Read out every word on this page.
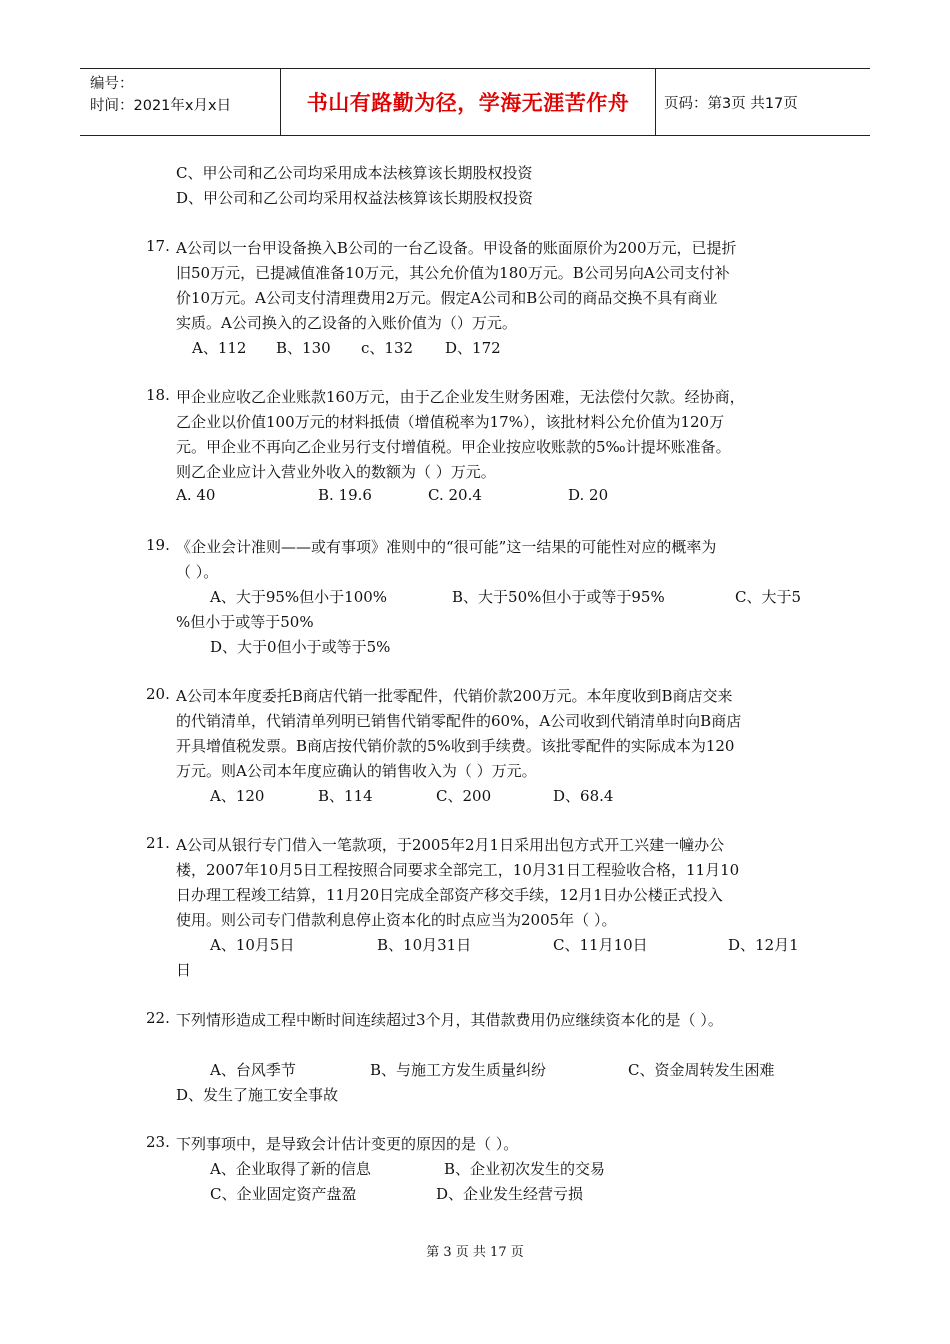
编号：
时间：2021年x月x日	书山有路勤为径，学海无涯苦作舟	页码：第3页 共17页
C、甲公司和乙公司均采用成本法核算该长期股权投资
D、甲公司和乙公司均采用权益法核算该长期股权投资
17. A公司以一台甲设备换入B公司的一台乙设备。甲设备的账面原价为200万元，已提折
旧50万元，已提减值准备10万元，其公允价值为180万元。B公司另向A公司支付补
价10万元。A公司支付清理费用2万元。假定A公司和B公司的商品交换不具有商业
实质。A公司换入的乙设备的入账价值为（）万元。
A、112 B、130 c、132 D、172
18. 甲企业应收乙企业账款160万元，由于乙企业发生财务困难，无法偿付欠款。经协商，
乙企业以价值100万元的材料抵债（增值税率为17%），该批材料公允价值为120万
元。甲企业不再向乙企业另行支付增值税。甲企业按应收账款的5‰计提坏账准备。
则乙企业应计入营业外收入的数额为（ ）万元。
A. 40	B. 19.6	C. 20.4	D. 20
19. 《企业会计准则——或有事项》准则中的“很可能”这一结果的可能性对应的概率为
（ ）。
A、大于95%但小于100%	B、大于50%但小于或等于95%	C、大于5
%但小于或等于50%
D、大于0但小于或等于5%
20. A公司本年度委托B商店代销一批零配件，代销价款200万元。本年度收到B商店交来
的代销清单，代销清单列明已销售代销零配件的60%，A公司收到代销清单时向B商店
开具增值税发票。B商店按代销价款的5%收到手续费。该批零配件的实际成本为120
万元。则A公司本年度应确认的销售收入为（ ）万元。
A、120	B、114	C、200	D、68.4
21. A公司从银行专门借入一笔款项，于2005年2月1日采用出包方式开工兴建一幢办公
楼，2007年10月5日工程按照合同要求全部完工，10月31日工程验收合格，11月10
日办理工程竣工结算，11月20日完成全部资产移交手续，12月1日办公楼正式投入
使用。则公司专门借款利息停止资本化的时点应当为2005年（ ）。
A、10月5日	B、10月31日	C、11月10日	D、12月1
日
22. 下列情形造成工程中断时间连续超过3个月，其借款费用仍应继续资本化的是（ ）。
A、台风季节	B、与施工方发生质量纠纷	C、资金周转发生困难
D、发生了施工安全事故
23. 下列事项中，是导致会计估计变更的原因的是（ ）。
A、企业取得了新的信息	B、企业初次发生的交易
C、企业固定资产盘盈	D、企业发生经营亏损
第 3 页 共 17 页
